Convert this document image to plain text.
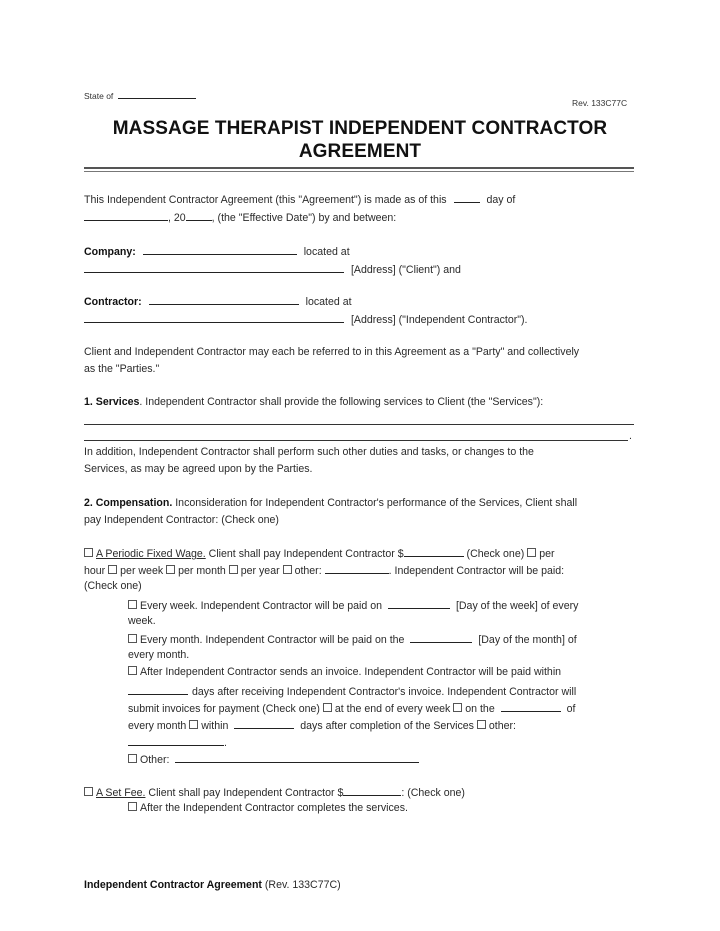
State of
Rev. 133C77C
MASSAGE THERAPIST INDEPENDENT CONTRACTOR
AGREEMENT
This Independent Contractor Agreement (this "Agreement") is made as of this	day of
, 20 , (the "Effective Date") by and between:
Company:	located at
[Address] ("Client") and
Contractor:	located at
[Address] ("Independent Contractor").
Client and Independent Contractor may each be referred to in this Agreement as a "Party" and collectively
as the "Parties."
1. Services. Independent Contractor shall provide the following services to Client (the "Services"):
.
In addition, Independent Contractor shall perform such other duties and tasks, or changes to the
Services, as may be agreed upon by the Parties.
2. Compensation. Inconsideration for Independent Contractor's performance of the Services, Client shall
pay Independent Contractor: (Check one)
A Periodic Fixed Wage. Client shall pay Independent Contractor $	(Check one) per
hour per week per month per year other:	. Independent Contractor will be paid:
(Check one)
Every week. Independent Contractor will be paid on	[Day of the week] of every
week.
Every month. Independent Contractor will be paid on the	[Day of the month] of
every month.
After Independent Contractor sends an invoice. Independent Contractor will be paid within
days after receiving Independent Contractor's invoice. Independent Contractor will
submit invoices for payment (Check one) at the end of every week on the	of
every month within	days after completion of the Services other:
.
Other:
A Set Fee. Client shall pay Independent Contractor $	: (Check one)
After the Independent Contractor completes the services.
Independent Contractor Agreement (Rev. 133C77C)
